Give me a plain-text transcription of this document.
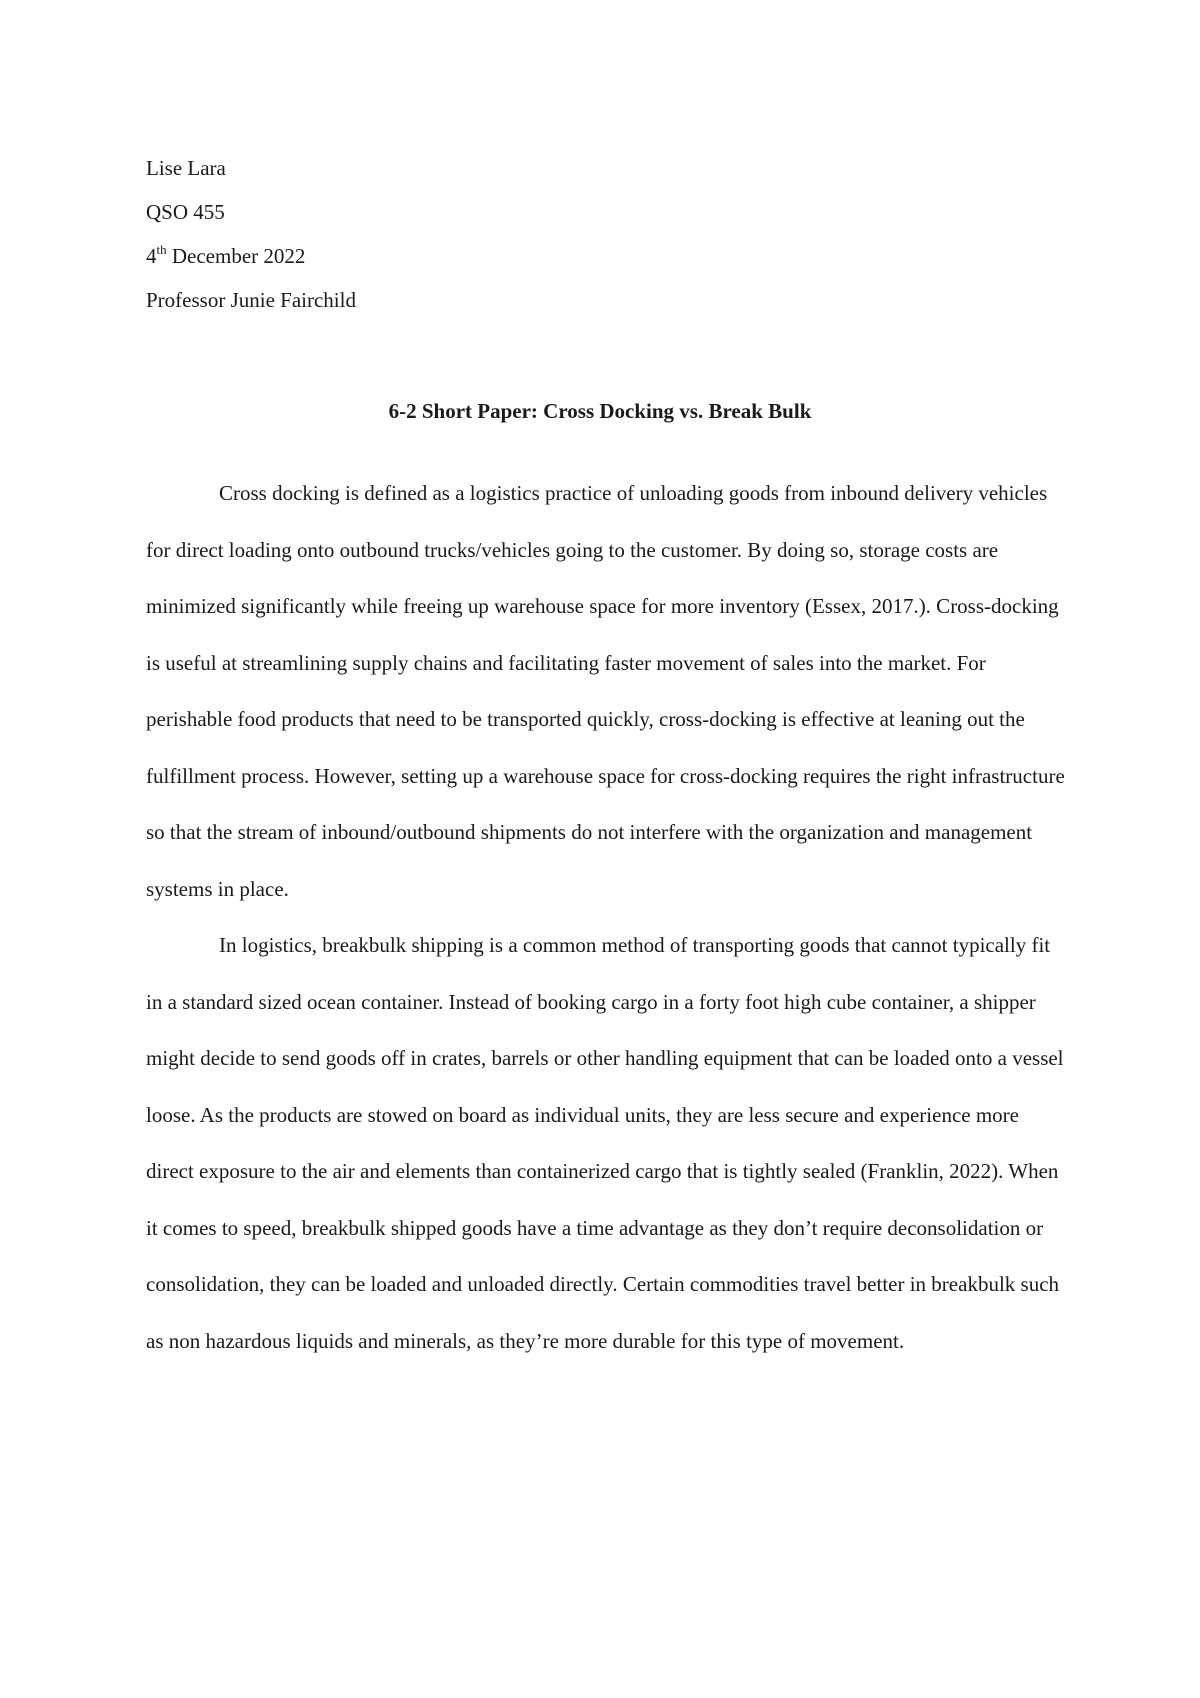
Lise Lara
QSO 455
4th December 2022
Professor Junie Fairchild
6-2 Short Paper: Cross Docking vs. Break Bulk

Cross docking is defined as a logistics practice of unloading goods from inbound delivery vehicles for direct loading onto outbound trucks/vehicles going to the customer. By doing so, storage costs are minimized significantly while freeing up warehouse space for more inventory (Essex, 2017.). Cross-docking is useful at streamlining supply chains and facilitating faster movement of sales into the market. For perishable food products that need to be transported quickly, cross-docking is effective at leaning out the fulfillment process. However, setting up a warehouse space for cross-docking requires the right infrastructure so that the stream of inbound/outbound shipments do not interfere with the organization and management systems in place.

In logistics, breakbulk shipping is a common method of transporting goods that cannot typically fit in a standard sized ocean container. Instead of booking cargo in a forty foot high cube container, a shipper might decide to send goods off in crates, barrels or other handling equipment that can be loaded onto a vessel loose. As the products are stowed on board as individual units, they are less secure and experience more direct exposure to the air and elements than containerized cargo that is tightly sealed (Franklin, 2022). When it comes to speed, breakbulk shipped goods have a time advantage as they don’t require deconsolidation or consolidation, they can be loaded and unloaded directly. Certain commodities travel better in breakbulk such as non hazardous liquids and minerals, as they’re more durable for this type of movement.
